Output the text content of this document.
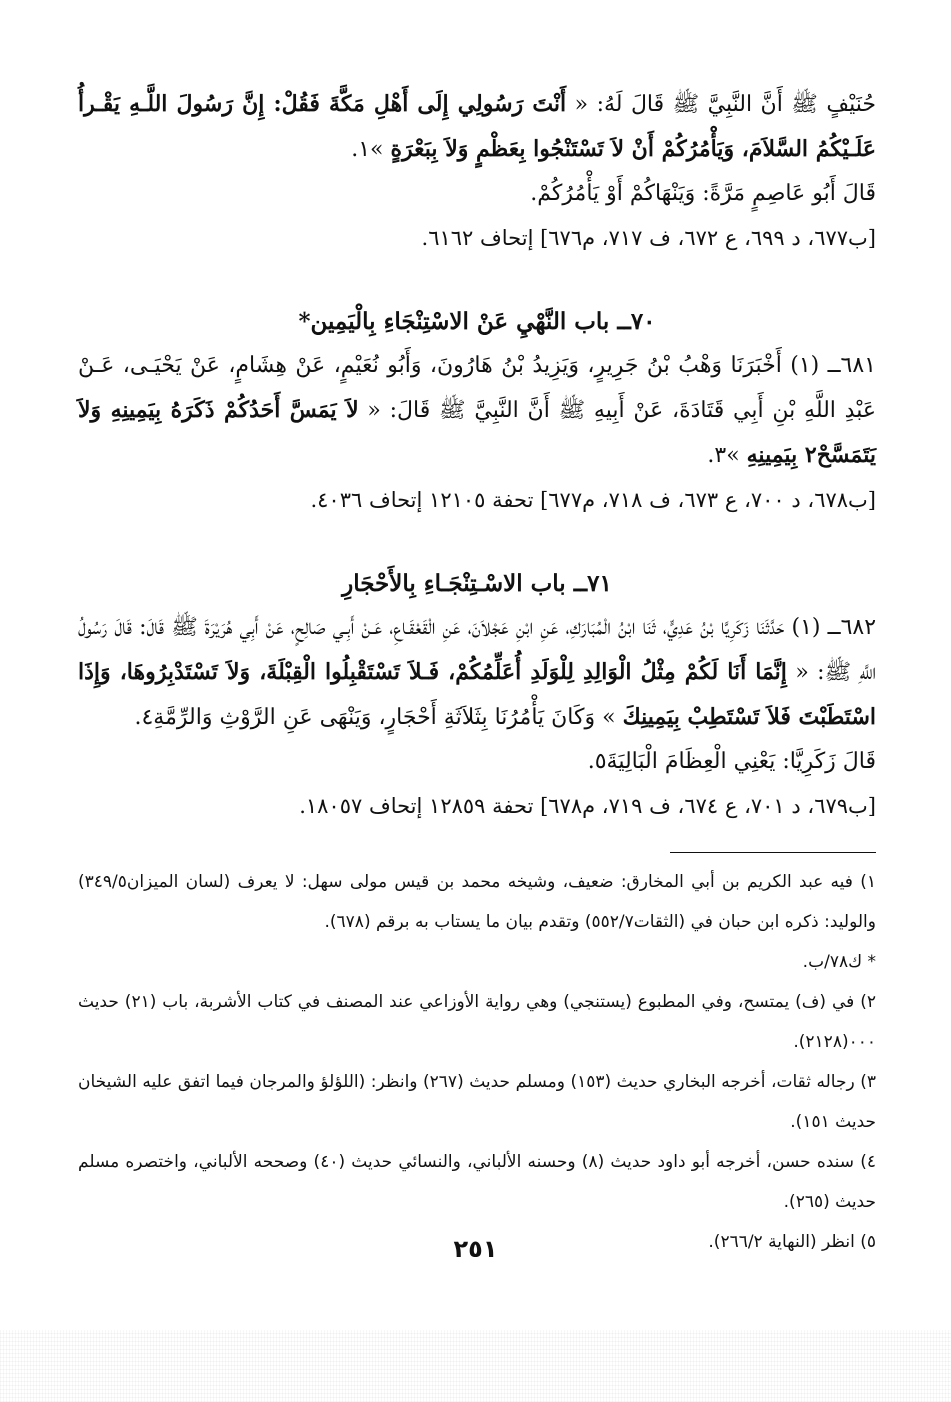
حُنَيْفٍ ﷺ أَنَّ النَّبِيَّ ﷺ قَالَ لَهُ: « أَنْتَ رَسُولِي إِلَى أَهْلِ مَكَّةَ فَقُلْ: إِنَّ رَسُولَ اللَّـهِ يَقْـرأُ عَلَـيْكُمُ السَّلاَمَ، وَيَأْمُرُكُمْ أَنْ لاَ تَسْتَنْجُوا بِعَظْمٍ وَلاَ بِبَعْرَةٍ »١.

قَالَ أَبُو عَاصِمٍ مَرَّةً: وَيَنْهَاكُمْ أَوْ يَأْمُرُكُمْ.

[ب٦٧٧، د ٦٩٩، ع ٦٧٢، ف ٧١٧، م٦٧٦] إتحاف ٦١٦٢.

٧٠ــ باب النَّهْيِ عَنْ الاسْتِنْجَاءِ بِالْيَمِين*

٦٨١ــ (١) أَخْبَرَنَا وَهْبُ بْنُ جَرِيرٍ، وَيَزِيدُ بْنُ هَارُونَ، وَأَبُو نُعَيْمٍ، عَنْ هِشَامٍ، عَنْ يَحْيَـى، عَـنْ عَبْدِ اللَّهِ بْنِ أَبِي قَتَادَةَ، عَنْ أَبِيهِ ﷺ أَنَّ النَّبِيَّ ﷺ قَالَ: « لاَ يَمَسَّ أَحَدُكُمْ ذَكَرَهُ بِيَمِينِهِ وَلاَ يَتَمَسَّحْ٢ بِيَمِينِهِ »٣.

[ب٦٧٨، د ٧٠٠، ع ٦٧٣، ف ٧١٨، م٦٧٧] تحفة ١٢١٠٥ إتحاف ٤٠٣٦.

٧١ــ باب الاسْـتِنْجَـاءِ بِالأَحْجَارِ

٦٨٢ــ (١) حَدَّثَنَا زَكَرِيَّا بْنُ عَدِيٍّ، ثَنَا ابْنُ الْمُبَارَكِ، عَنِ ابْنِ عَجْلاَنَ، عَنِ الْقَعْقَـاعِ، عَـنْ أَبِـي صَالِحٍ، عَنْ أَبِي هُرَيْرَةَ ﷺ قَالَ: قَالَ رَسُولُ اللَّهِ ﷺ: « إِنَّمَا أَنَا لَكُمْ مِثْلُ الْوَالِدِ لِلْوَلَدِ أُعَلِّمُكُمْ، فَـلاَ تَسْتَقْبِلُوا الْقِبْلَةَ، وَلاَ تَسْتَدْبِرُوهَا، وَإِذَا اسْتَطَبْتَ فَلاَ تَسْتَطِبْ بِيَمِينِكَ » وَكَانَ يَأْمُرُنَا بِثَلاَثَةِ أَحْجَارٍ، وَيَنْهَى عَنِ الرَّوْثِ وَالرِّمَّةِ٤.

قَالَ زَكَرِيَّا: يَعْنِي الْعِظَامَ الْبَالِيَةَ٥.

[ب٦٧٩، د ٧٠١، ع ٦٧٤، ف ٧١٩، م٦٧٨] تحفة ١٢٨٥٩ إتحاف ١٨٠٥٧.

١) فيه عبد الكريم بن أبي المخارق: ضعيف، وشيخه محمد بن قيس مولى سهل: لا يعرف (لسان الميزان٣٤٩/٥) والوليد: ذكره ابن حبان في (الثقات٥٥٢/٧) وتقدم بيان ما يستاب به برقم (٦٧٨).

* ك٧٨/ب.

٢) في (ف) يمتسح، وفي المطبوع (يستنجي) وهي رواية الأوزاعي عند المصنف في كتاب الأشربة، باب (٢١) حديث ٠٠٠(٢١٢٨).

٣) رجاله ثقات، أخرجه البخاري حديث (١٥٣) ومسلم حديث (٢٦٧) وانظر: (اللؤلؤ والمرجان فيما اتفق عليه الشيخان حديث ١٥١).

٤) سنده حسن، أخرجه أبو داود حديث (٨) وحسنه الألباني، والنسائي حديث (٤٠) وصححه الألباني، واختصره مسلم حديث (٢٦٥).

٥) انظر (النهاية ٢٦٦/٢).

٢٥١
